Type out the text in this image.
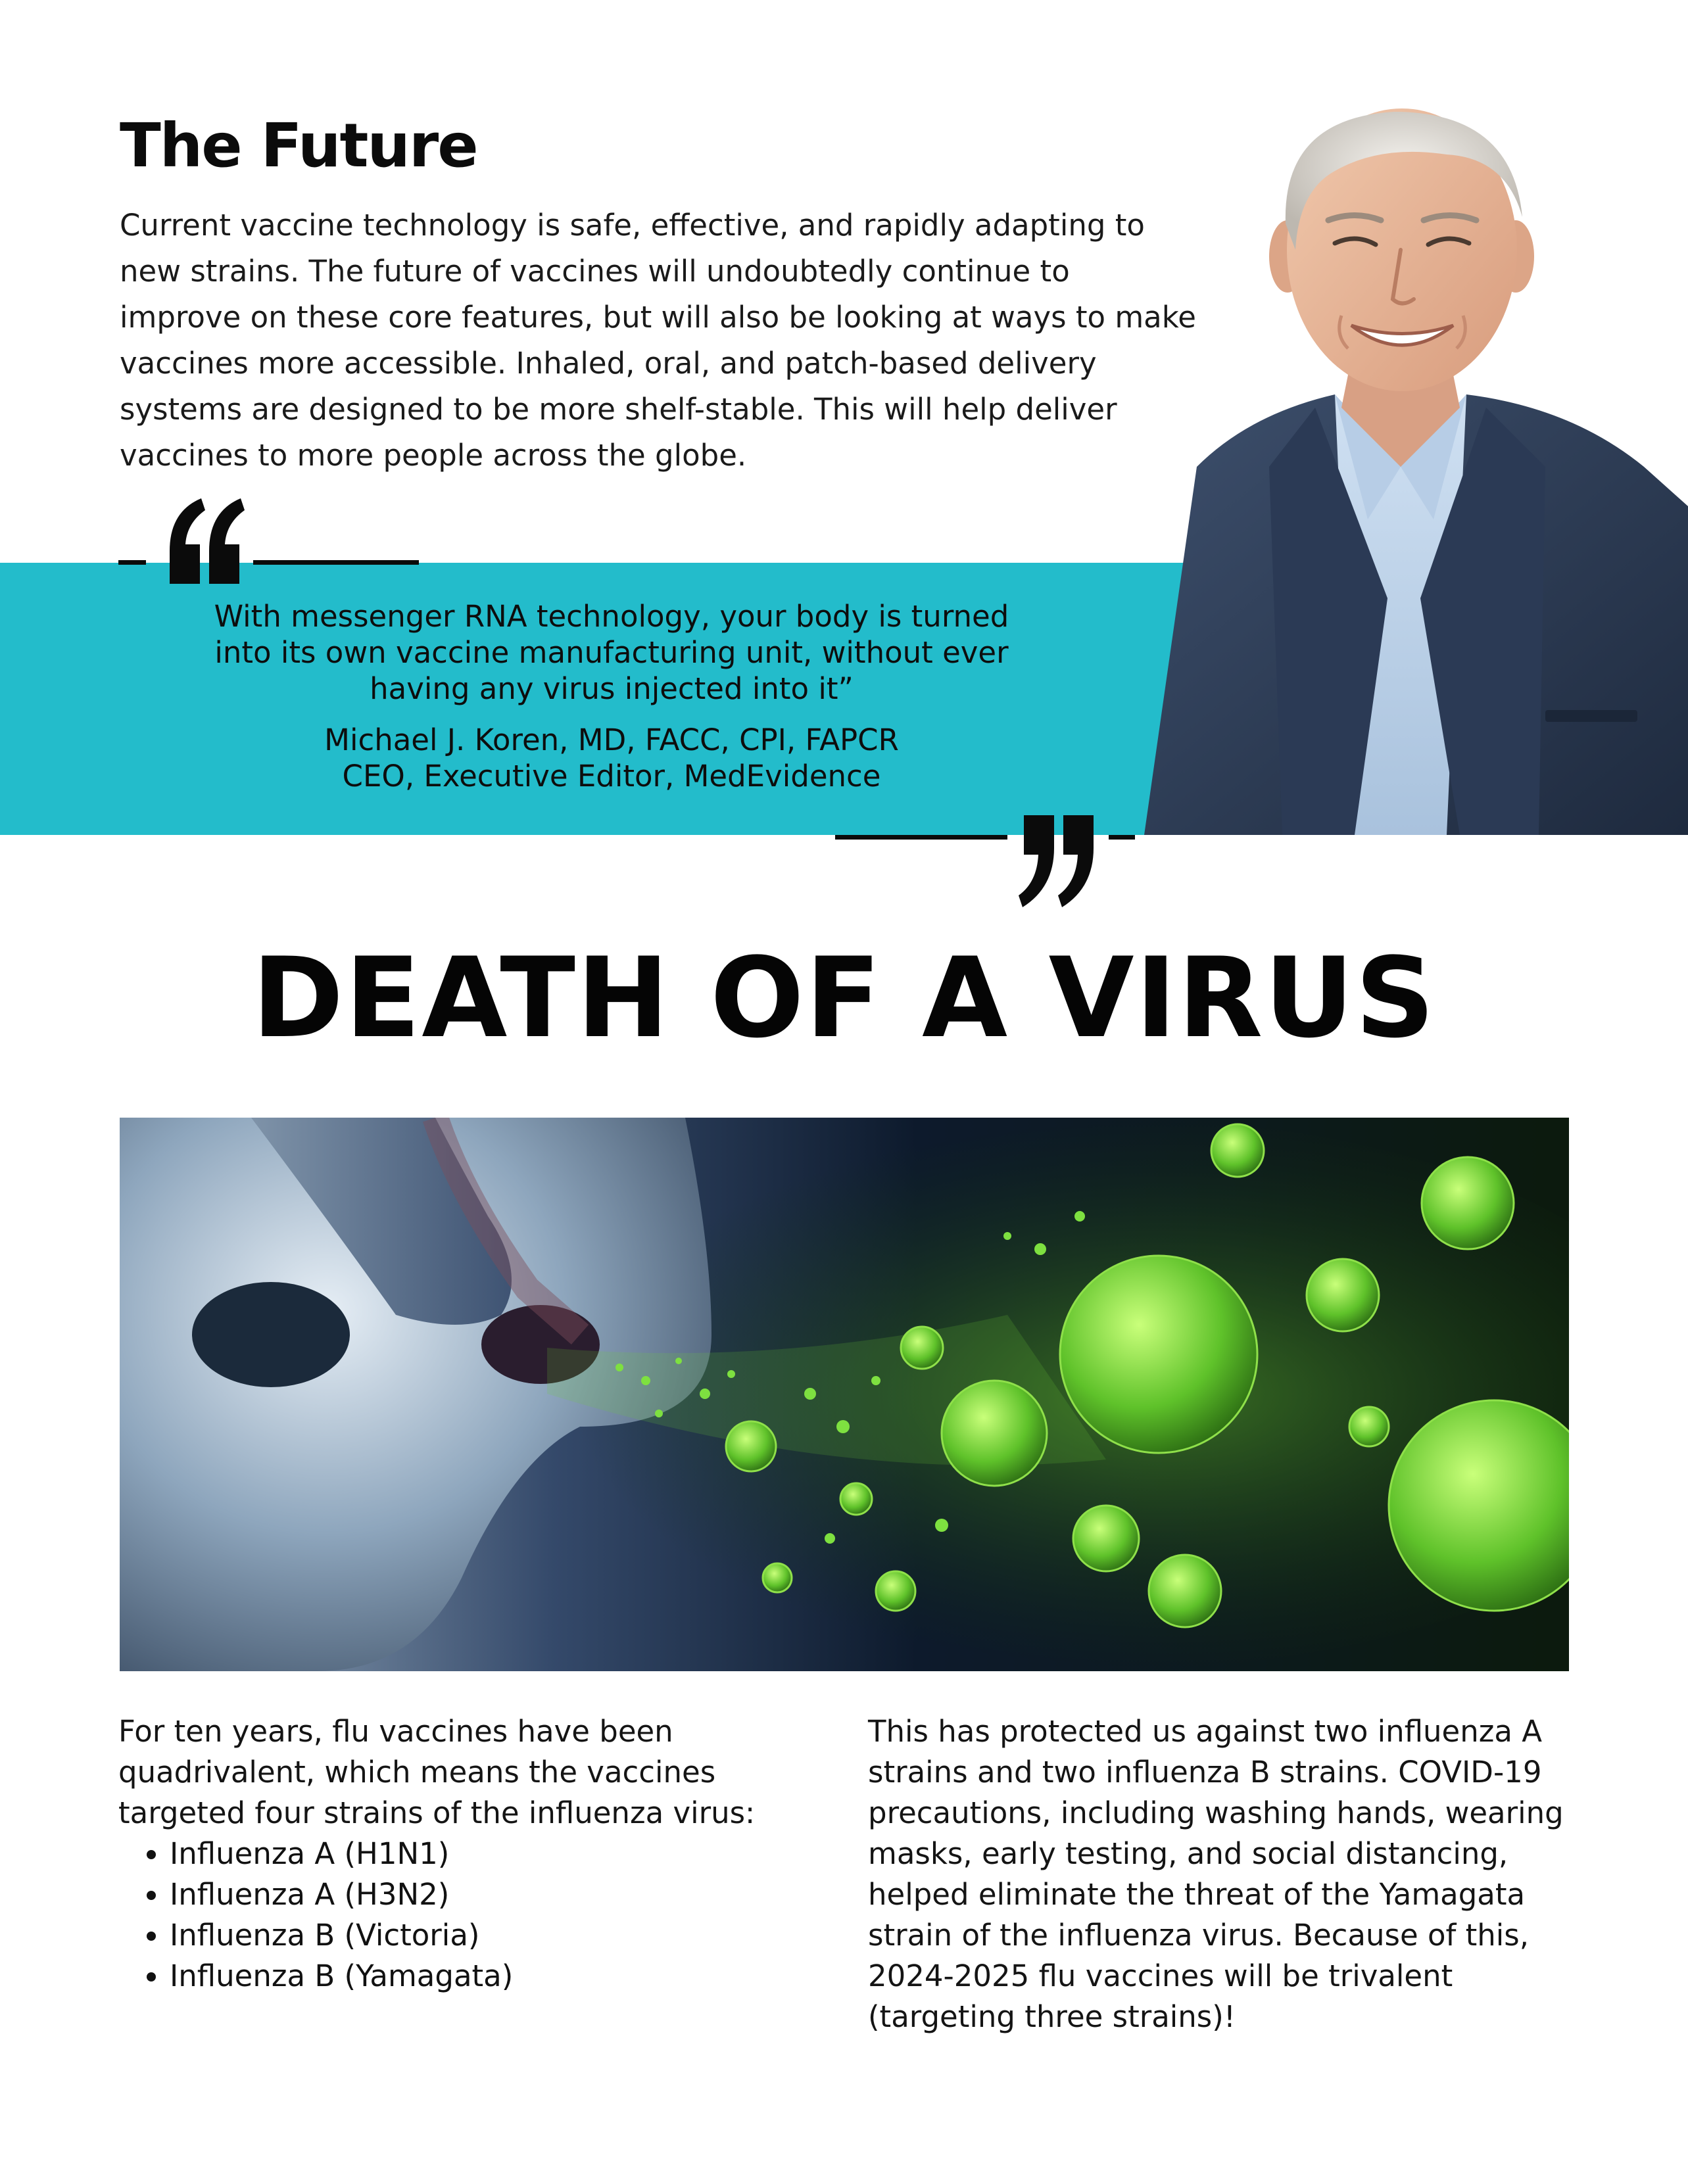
The Future

Current vaccine technology is safe, effective, and rapidly adapting to new strains. The future of vaccines will undoubtedly continue to improve on these core features, but will also be looking at ways to make vaccines more accessible. Inhaled, oral, and patch-based delivery systems are designed to be more shelf-stable. This will help deliver vaccines to more people across the globe.

With messenger RNA technology, your body is turned into its own vaccine manufacturing unit, without ever having any virus injected into it”

Michael J. Koren, MD, FACC, CPI, FAPCR
CEO, Executive Editor, MedEvidence
DEATH OF A VIRUS

For ten years, flu vaccines have been quadrivalent, which means the vaccines targeted four strains of the influenza virus:

• Influenza A (H1N1)
• Influenza A (H3N2)
• Influenza B (Victoria)
• Influenza B (Yamagata)

This has protected us against two influenza A strains and two influenza B strains. COVID-19 precautions, including washing hands, wearing masks, early testing, and social distancing, helped eliminate the threat of the Yamagata strain of the influenza virus. Because of this, 2024-2025 flu vaccines will be trivalent (targeting three strains)!
